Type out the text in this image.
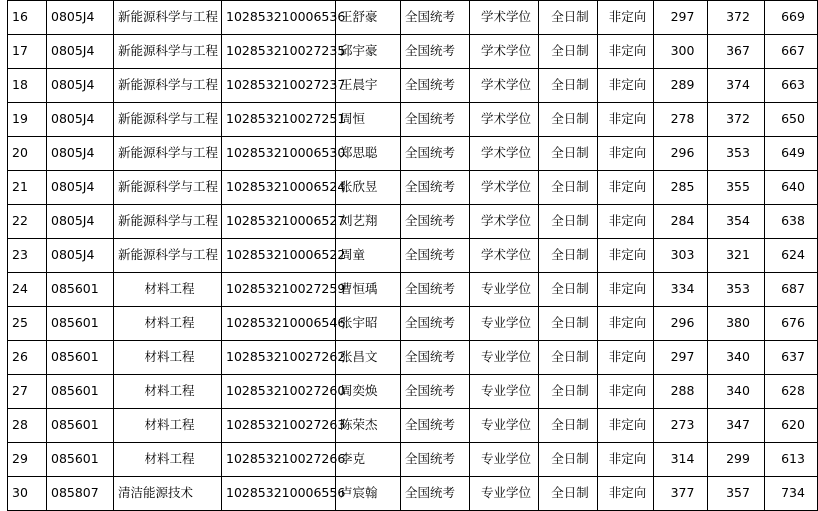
16	0805J4	新能源科学与工程	102853210006536	王舒豪	全国统考	学术学位	全日制	非定向	297	372	669
17	0805J4	新能源科学与工程	102853210027235	邱宇豪	全国统考	学术学位	全日制	非定向	300	367	667
18	0805J4	新能源科学与工程	102853210027237	王晨宇	全国统考	学术学位	全日制	非定向	289	374	663
19	0805J4	新能源科学与工程	102853210027251	周恒	全国统考	学术学位	全日制	非定向	278	372	650
20	0805J4	新能源科学与工程	102853210006530	郑思聪	全国统考	学术学位	全日制	非定向	296	353	649
21	0805J4	新能源科学与工程	102853210006524	张欣昱	全国统考	学术学位	全日制	非定向	285	355	640
22	0805J4	新能源科学与工程	102853210006527	刘艺翔	全国统考	学术学位	全日制	非定向	284	354	638
23	0805J4	新能源科学与工程	102853210006522	周童	全国统考	学术学位	全日制	非定向	303	321	624
24	085601	材料工程	102853210027259	曹恒瑀	全国统考	专业学位	全日制	非定向	334	353	687
25	085601	材料工程	102853210006546	张宇昭	全国统考	专业学位	全日制	非定向	296	380	676
26	085601	材料工程	102853210027262	张昌文	全国统考	专业学位	全日制	非定向	297	340	637
27	085601	材料工程	102853210027260	周奕焕	全国统考	专业学位	全日制	非定向	288	340	628
28	085601	材料工程	102853210027263	陈荣杰	全国统考	专业学位	全日制	非定向	273	347	620
29	085601	材料工程	102853210027266	李克	全国统考	专业学位	全日制	非定向	314	299	613
30	085807	清洁能源技术	102853210006556	卢宸翰	全国统考	专业学位	全日制	非定向	377	357	734
